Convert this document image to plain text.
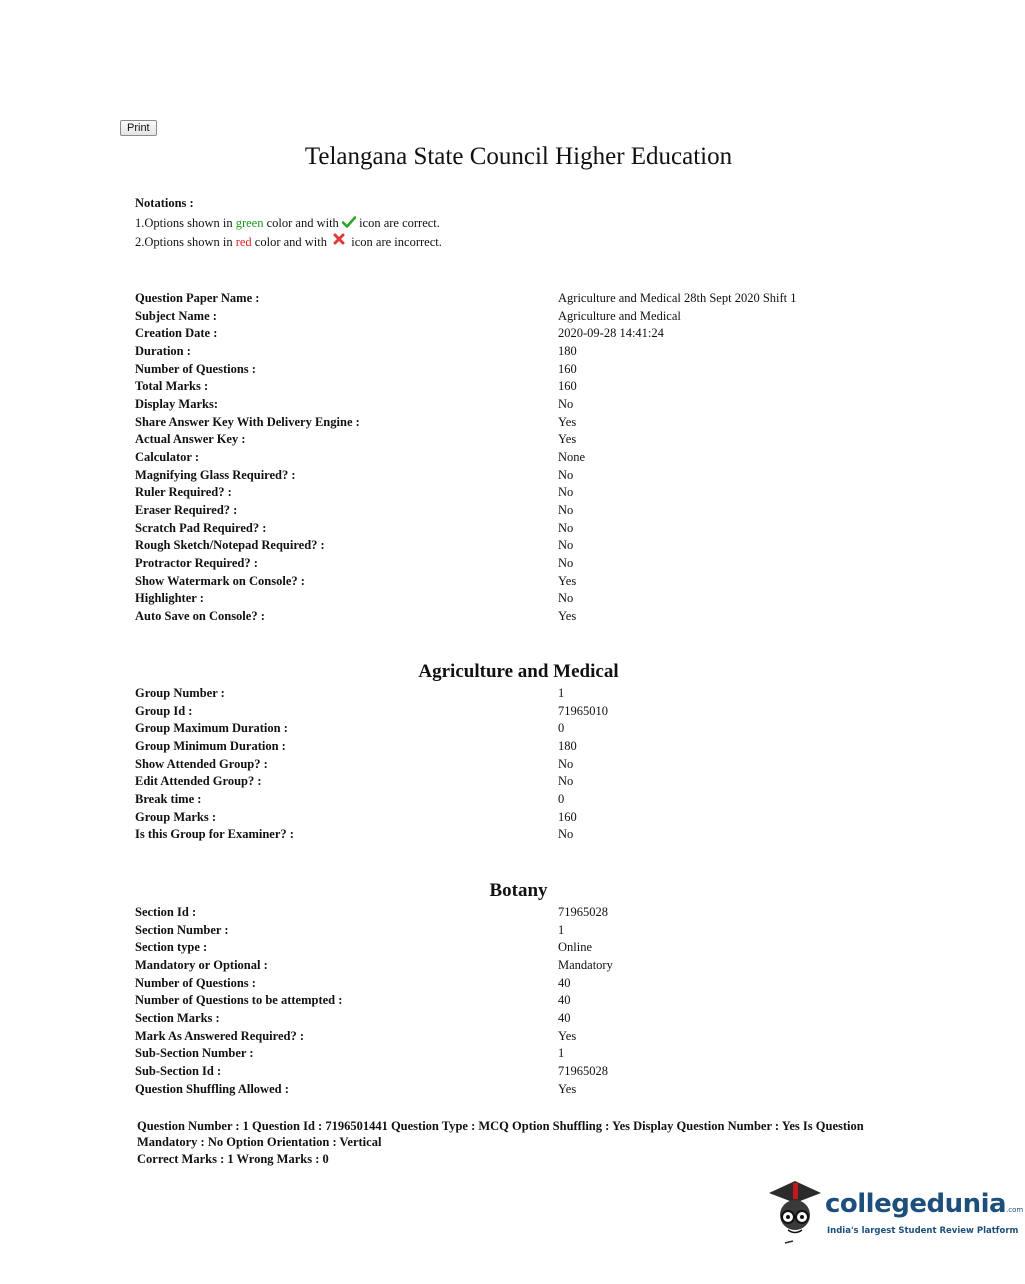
Print
Telangana State Council Higher Education
Notations :
1.Options shown in green color and with  icon are correct.
2.Options shown in red color and with  icon are incorrect.
Question Paper Name :	Agriculture and Medical 28th Sept 2020 Shift 1
Subject Name :	Agriculture and Medical
Creation Date :	2020-09-28 14:41:24
Duration :	180
Number of Questions :	160
Total Marks :	160
Display Marks:	No
Share Answer Key With Delivery Engine :	Yes
Actual Answer Key :	Yes
Calculator :	None
Magnifying Glass Required? :	No
Ruler Required? :	No
Eraser Required? :	No
Scratch Pad Required? :	No
Rough Sketch/Notepad Required? :	No
Protractor Required? :	No
Show Watermark on Console? :	Yes
Highlighter :	No
Auto Save on Console? :	Yes
Agriculture and Medical
Group Number :	1
Group Id :	71965010
Group Maximum Duration :	0
Group Minimum Duration :	180
Show Attended Group? :	No
Edit Attended Group? :	No
Break time :	0
Group Marks :	160
Is this Group for Examiner? :	No
Botany
Section Id :	71965028
Section Number :	1
Section type :	Online
Mandatory or Optional :	Mandatory
Number of Questions :	40
Number of Questions to be attempted :	40
Section Marks :	40
Mark As Answered Required? :	Yes
Sub-Section Number :	1
Sub-Section Id :	71965028
Question Shuffling Allowed :	Yes
Question Number : 1 Question Id : 7196501441 Question Type : MCQ Option Shuffling : Yes Display Question Number : Yes Is Question Mandatory : No Option Orientation : Vertical
Correct Marks : 1 Wrong Marks : 0
collegedunia.com
India's largest Student Review Platform
